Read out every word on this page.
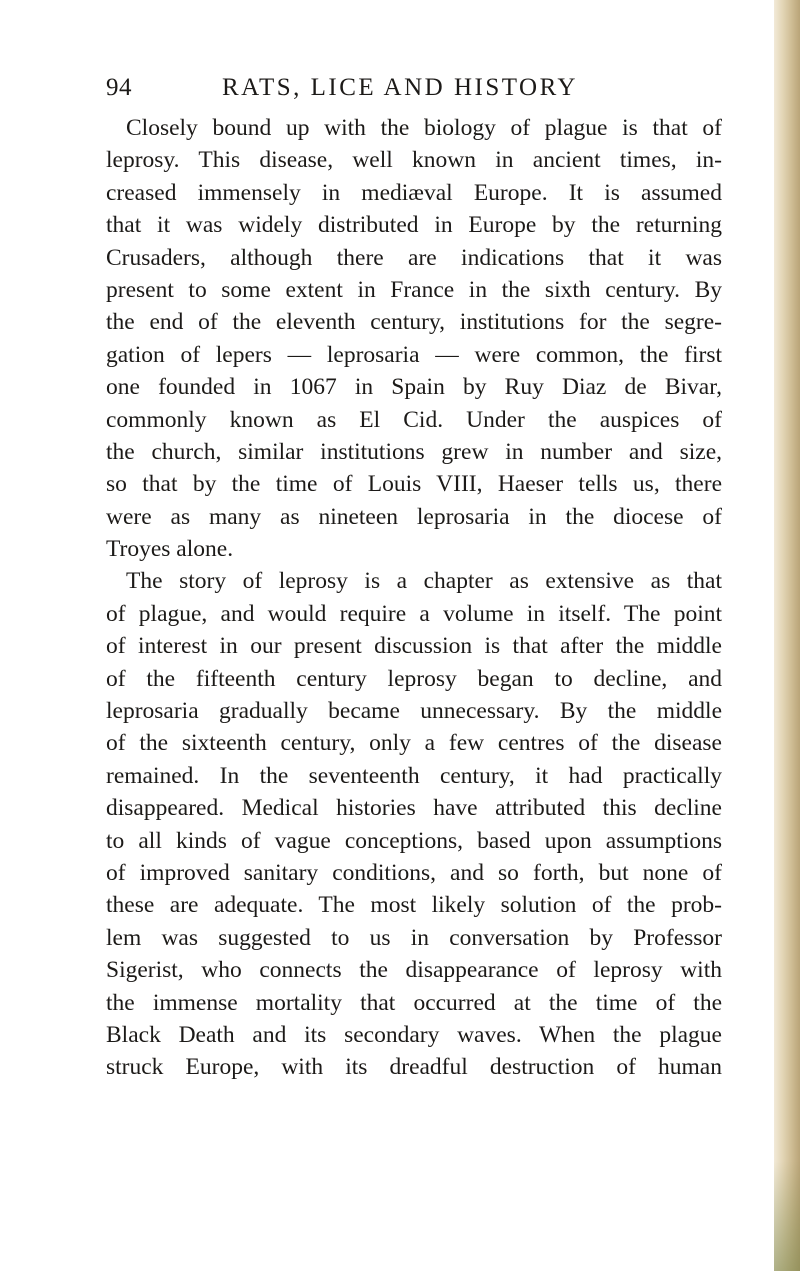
94	RATS, LICE AND HISTORY
Closely bound up with the biology of plague is that of
leprosy. This disease, well known in ancient times, in-
creased immensely in mediæval Europe. It is assumed
that it was widely distributed in Europe by the returning
Crusaders, although there are indications that it was
present to some extent in France in the sixth century. By
the end of the eleventh century, institutions for the segre-
gation of lepers — leprosaria — were common, the first
one founded in 1067 in Spain by Ruy Diaz de Bivar,
commonly known as El Cid. Under the auspices of
the church, similar institutions grew in number and size,
so that by the time of Louis VIII, Haeser tells us, there
were as many as nineteen leprosaria in the diocese of
Troyes alone.
The story of leprosy is a chapter as extensive as that
of plague, and would require a volume in itself. The point
of interest in our present discussion is that after the middle
of the fifteenth century leprosy began to decline, and
leprosaria gradually became unnecessary. By the middle
of the sixteenth century, only a few centres of the disease
remained. In the seventeenth century, it had practically
disappeared. Medical histories have attributed this decline
to all kinds of vague conceptions, based upon assumptions
of improved sanitary conditions, and so forth, but none of
these are adequate. The most likely solution of the prob-
lem was suggested to us in conversation by Professor
Sigerist, who connects the disappearance of leprosy with
the immense mortality that occurred at the time of the
Black Death and its secondary waves. When the plague
struck Europe, with its dreadful destruction of human
